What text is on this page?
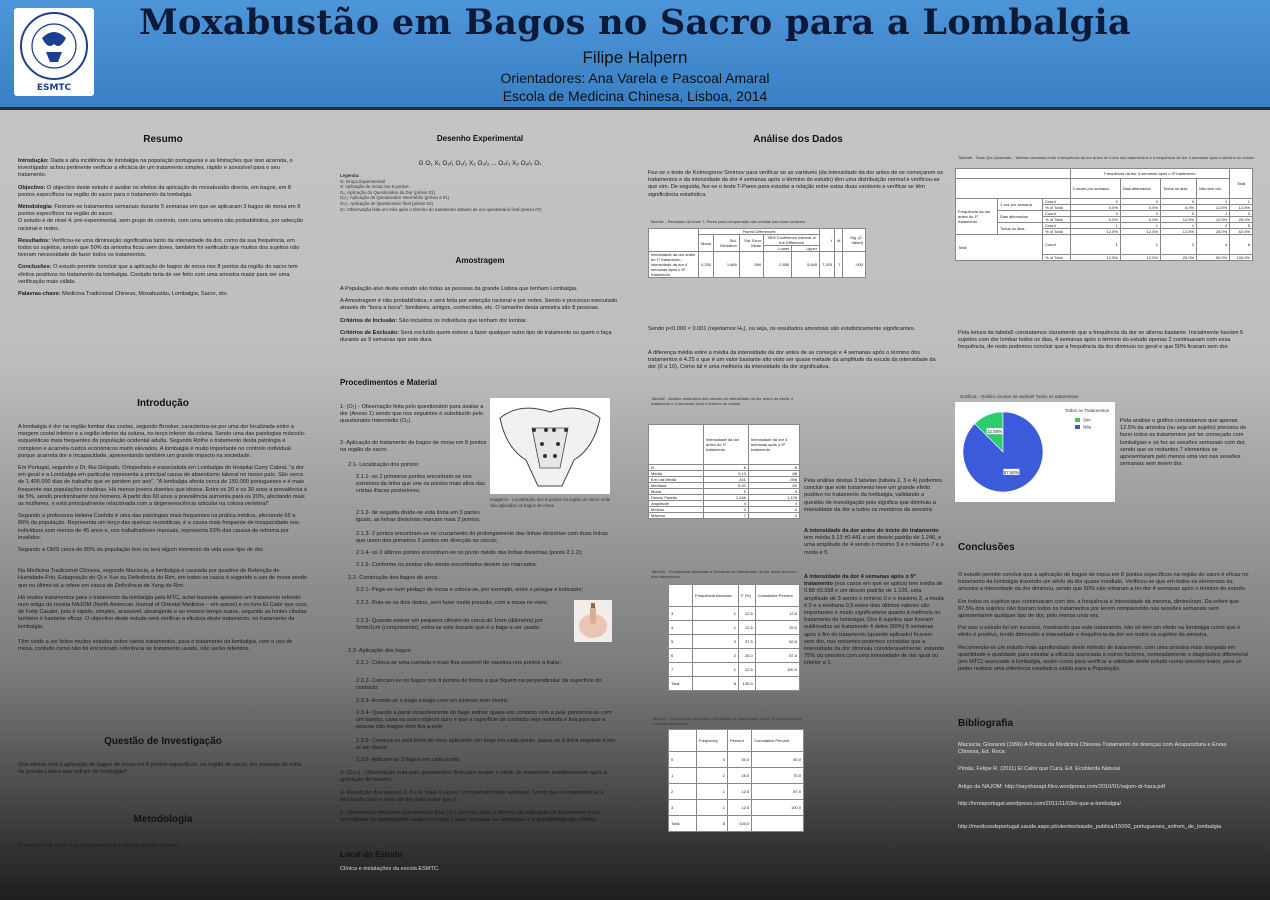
ESMTC
Moxabustão em Bagos no Sacro para a Lombalgia
Filipe Halpern
Orientadores: Ana Varela e Pascoal Amaral
Escola de Medicina Chinesa, Lisboa, 2014
Resumo

Introdução: Dada a alta incidência de lombalgia na população portuguesa e as limitações que isso acarreta, o investigador achou pertinente verificar a eficácia de um tratamento simples, rápido e acessível para o seu tratamento.

Objectivo: O objectivo deste estudo é avaliar os efeitos da aplicação de moxabustão directa, em bagos, em 8 pontos específicos na região do sacro para o tratamento da lombalgia.

Metodologia: Fizeram-se tratamentos semanais durante 5 semanas em que se aplicaram 3 bagos de moxa em 8 pontos específicos na região do sacro.
O estudo é de nível 4, pré-experimental, sem grupo de controlo, com uma amostra não probabilística, por selecção racional e redes.

Resultados: Verificou-se uma diminuição significativa tanto da intensidade da dor, como da sua frequência, em todos os sujeitos, sendo que 50% da amostra ficou sem dores, também foi verificado que muitos dos sujeitos não tiveram necessidade de fazer todos os tratamentos.

Conclusões: O estudo permite concluir que a aplicação de bagos de moxa nos 8 pontos da região do sacro tem efeitos positivos no tratamento da lombalgia. Contudo teria de ser feito com uma amostra maior para ser uma verificação mais válida.

Palavras-chave: Medicina Tradicional Chinesa, Moxabustão, Lombalgia, Sacro, dor.

Introdução

A lombalgia é dor na região lombar das costas, segundo Brooker, caracteriza-se por uma dor localizada entre a margem costal inferior e a região inferior da coluna, no terço inferior da coluna. Sendo uma das patologias músculo-esqueléticas mais frequentes da população ocidental adulta. Segundo Rothe o tratamento desta patologia é complexo e acarreta custos económicos muito elevados. A lombalgia é muito importante no controlo individual porque acarreta dor e incapacidade, apresentando também um grande impacto na sociedade.

Em Portugal, segundo o Dr. Rui Delgado, Ortopedista e especialista em Lombalgia do Hospital Curry Cabral, "a dor em geral e a Lombalgia em particular representa a principal causa de absentismo laboral no nosso país. São cerca de 1.400.000 dias de trabalho que se perdem por ano". "A lombalgia afecta cerca de 150.000 portugueses e é mais frequente nas populações citadinas. Há menos jovens doentes que idosos. Entre os 20 e os 30 anos a prevalência é de 5%, sendo predominante nos homens. A partir dos 60 anos a prevalência aumenta para os 20%, afectando mais as mulheres, e está principalmente relacionada com a degenerescência articular na coluna vertebral".

Segundo a professora Helena Canhão é uma das patologias mais frequentes na prática médica, afectando 65 a 80% da população. Representa um terço das queixas reumáticas, é a causa mais frequente de incapacidade nos indivíduos com menos de 45 anos e, nos trabalhadores manuais, representa 63% das causas de reforma por invalidez.

Segundo a OMS cerca de 80% da população tem ou terá algum momento da vida esse tipo de dor.

Na Medicina Tradicional Chinesa, segundo Maciocia, a lombalgia é causada por quadros de Retenção de Humidade-Frio, Estagnação do Qi e Xue ou Deficiência do Rim, em todos os casos é sugerido o uso de moxa sendo que no último só a refere em casos de Deficiência de Yang do Rim.

Há muitos tratamentos para o tratamento da lombalgia pela MTC, achei bastante apelativo um tratamento referido num artigo da revista NAJOM (North American Journal of Oriental Medicine – em anexo) e no livro El Calor que cura, de Felip Caudet, pois é rápido, simples, acessível, abrangente e ao mesmo tempo suave, segundo as fontes citadas também é bastante eficaz. O objectivo deste estudo será verificar a eficácia deste tratamento, no tratamento da lombalgia.

Têm vindo a ser feitos muitos estudos sobre vários tratamentos, para o tratamento da lombalgia, com o uso de moxa, contudo como não foi encontrado referência ao tratamento usado, não serão referidos.

Questão de Investigação
Que efeitos terá a aplicação de bagos de moxa em 8 pontos específicos, na região do sacro, em pessoas da zona da grande Lisboa que sofram de lombalgia?
Metodologia
O estudo é de nível 4, pré-experimental e sem grupo de controlo.
Desenho Experimental
G O₁ X₁ O₂/₁ O₂/₂ X₂ O₃/₂ ... O₄/₃ X₅ O₆/₅ O₇
Legenda:
G: Grupo Experimental
X: Aplicação de moxa nos 8 pontos
O₁: Aplicação do Questionário da Dor (prévio 01)
O₂/₁: Aplicação de Questionário Intermédio (prévio a 01)
O₂/₂: Aplicação de Questionário final (prévio 02)
O₇: Observação feita um mês após o término do tratamento através de um questionário final (anexo 07)
Amostragem

A População-alvo deste estudo são todas as pessoas da grande Lisboa que tenham Lombalgia.

A Amostragem é não probabilística, e será feita por selecção racional e por redes. Sendo o processo executado através do "boca a boca": familiares, amigos, conhecidos, etc. O tamanho desta amostra são 8 pessoas.

Critérios de Inclusão: São incluídos os indivíduos que tenham dor lombar.

Critérios de Exclusão: Será excluído quem estiver a fazer qualquer outro tipo de tratamento ou quem o faça durante as 9 semanas que este dura.

Procedimentos e Material
Imagem1 - Localização dos 8 pontos na região do sacro onde são aplicados os bagos de moxa
1- (O₁) - Observação feita pelo questionário para avaliar a dor (Anexo 1) sendo que nos seguintes é substituído pelo questionário Intermédio (O₂).
2- Aplicação do tratamento de bagos de moxa em 8 pontos na região do sacro.
2.1- Localização dos pontos:
2.1.1- os 2 primeiros pontos encontram-se nos extremos da linha que une os pontos mais altos das cristas ilíacas posteriores;
2.1.2- de seguida divide-se esta linha em 3 partes iguais, as linhas divisórias marcam mais 2 pontos;
2.1.3- 2 pontos encontram-se no cruzamento do prolongamento das linhas divisórias com duas linhas que unem dos primeiros 2 pontos em direcção ao cóccix;
2.1.4- os 2 últimos pontos encontram-se no ponto médio das linhas divisórias (ponto 2.1.2);
2.1.5- Conforme os pontos vão sendo encontrados devem ser marcados.
2.2- Construção dos bagos de arroz:
2.2.1- Pega-se num pedaço de moxa e coloca-se, por exemplo, entre o polegar e indicador;
2.2.2- Rola-se os dois dedos, sem fazer muita pressão, com a moxa no meio;
2.2.3- Quando estiver um pequeno cilindro de cerca de 1mm (diâmetro) por 5mm/1cm (comprimento), retira-se este bocado que é o bago a ser usado.
2.3- Aplicação dos bagos:
2.3.1- Coloca-se uma camada o mais fina possível de vaselina nos pontos a tratar;
2.3.2- Colocam-se os bagos nos 8 pontos de forma a que fiquem na perpendicular da superfície do contacto;
2.3.3- Acende-se o bago a bago com um incenso sem cheiro;
2.3.4- Quando a parte incandescente do bago estiver quase em contacto com a pele pressiona-se com um bambu, cana ou outro objecto duro e que a superfície de contacto seja redonda e lisa para que a pessoa não magoe nem fira a pele;
2.3.5- Começa-se pela linha de cima aplicando um bago em cada ponto, passa-se à linha seguinte e por aí em diante;
2.3.6- Aplicam-se 3 bagos em cada ponto.
3- (O₂/₁) - Observação feita pelo questionário final para avaliar o efeito do tratamento imediatamente após a aplicação do mesmo.
4- Repetição dos passos 2, 3 e 4, mais 4 vezes, com periodicidade semanal. Sendo que o tratamento só é efectuado caso o nível de dor seja maior que 0.
5- Observação feita pelo questionário final (O₇) um mês após o término da aplicação do tratamento muito semelhante ao questionário usado no ponto 2 para constatar as alterações e a durabilidade dos efeitos.
Local do Estudo
Clínica e instalações da escola ESMTC.
Análise dos Dados
Fez-se o teste de Kolmogorov Smirnov para verificar se as variáveis (da intensidade da dor antes de se começarem os tratamentos e da intensidade da dor 4 semanas após o término do estudo) têm uma distribuição normal e verificou-se que sim. De seguida, fez-se o teste T-Pares para estudar a relação entre estas duas variáveis e verificar se têm significância estatística.
Tabela1 - Resultado do teste T- Pares para comparação das médias das duas variáveis
	Paired Differences					t	df	Sig. (2-tailed)
	Mean	Std. Deviation	Std. Error Mean	95% Confidence Interval of the Difference				
				Lower	Upper			
Intensidade da dor antes do 1º tratamento - intensidade da dor 4 semanas após o 5º tratamento	4,250	1,669	,590	2,855	5,645	7,203	7	,000
Sendo p<0.000 < 0.001 (rejeitamos H₀), ou seja, os resultados amostrais são estatisticamente significantes.
A diferença média entre a média da intensidade da dor antes de se começar e 4 semanas após o término dos tratamentos é 4.25 o que é um valor bastante alto visto ser quase metade da amplitude da escala da intensidade da dor (0 a 10). Como tal é uma melhoria da intensidade da dor significativa.
Tabela2 - Análise estatística dos valores da intensidade da dor antes de iniciar o tratamento e 4 semanas após o término do estudo
	Intensidade da dor antes do 1º tratamento	Intensidade da dor 4 semanas após o 5º tratamento
N	8	8
Média	5,13	,88
Erro da Média	,441	,398
Mediana	5,00	,50
Moda	5	0
Desvio Padrão	1,246	1,126
Amplitude	4	3
Mínimo	3	0
Máximo	7	3
Tabela3 - Frequências Absolutas e Relativas da Intensidade da dor antes do início dos tratamentos
	Frequência Absoluta	F (%)	Cumulative Percent
3	1	12,5	12,5
4	1	12,5	25,0
5	3	37,5	62,5
6	2	25,0	87,5
7	1	12,5	100,0
Total	8	100,0	
Tabela4 - Frequências Absolutas e Relativas da Intensidade da dor 4 semanas após o término do estudo
	Frequency	Percent	Cumulative Percent
0	4	50,0	50,0
1	2	25,0	75,0
2	1	12,5	87,5
3	1	12,5	100,0
Total	8	100,0	
Pela análise destas 3 tabelas (tabela 2, 3 e 4) podemos concluir que este tratamento teve um grande efeito positivo no tratamento da lombalgia, validando a questão de investigação pois significa que diminuiu a intensidade da dor a todos os membros da amostra.
A intensidade da dor antes do início do tratamento tem média 5.13 ±0.441 e um desvio padrão de 1.246, e uma amplitude de 4 sendo o mínimo 3 e o máximo 7 e a moda é 5.
A intensidade da dor 4 semanas após o 5º tratamento (nos casos em que se aplica) tem média de 0.88 ±0.398 e um desvio padrão de 1.126, uma amplitude de 3 sendo o mínimo 0 e o máximo 3, a moda é 0 e a mediana 0,5 estes dois últimos valores são importantes e muito significativos quanto à melhoria no tratamento da lombalgia. Dos 8 sujeitos que fizeram sublimados ao tratamento 4 deles (50%) 5 semanas após o fim do tratamento (quando aplicado) ficaram sem dor, nos restantes podemos constatar que a intensidade da dor diminuiu consideravelmente, estando 75% da amostra com uma intensidade de dor igual ou inferior a 1.
Tabela5 - Teste Qui-Quadrado - Tabelas cruzadas entre a frequência da dor antes do início dos tratamentos e a frequência de dor 4 semanas após o término do estudo
			Frequência da dor 4 semanas após o 5º tratamento				Total
			2 vezes por semana	Dias alternados	Todos os dias	Não tem dor	
Frequência da dor antes do 1º tratamento	1 vez por semana	Count	0	0	0	1	1
		% of Total	0,0%	0,0%	0,0%	12,5%	12,5%
	Dias alternados	Count	0	0	0	1	2
		% of Total	0,0%	0,0%	12,5%	12,5%	25,0%
	Todos os dias	Count	1	1	1	2	5
		% of Total	12,5%	12,5%	12,5%	25,0%	62,5%
Total		Count	1	1	2	4	8
		% of Total	12,5%	12,5%	25,0%	50,0%	100,0%
Pela leitura da tabela5 constatamos claramente que a frequência da dor se alterou bastante. Inicialmente haviam 5 sujeitos com dor lombar todos os dias, 4 semanas após o término do estudo apenas 2 continuavam com essa frequência, de resto podemos concluir que a frequência da dor diminuiu no geral e que 50% ficaram sem dor.
Gráfico1 - Gráfico circular da variável Todos os tratamentos
12.50%
87.50%
Todos os Tratamentos
Sim
Não
Pela análise o gráfico constatamos que apenas 12.5% da amostra (ou seja um sujeito) precisou de fazer todos os tratamentos por ter começado com lombalgias e só fez as sessões semanais com dor, sendo que os restantes 7 elementos se apresentaram pelo menos uma vez nas sessões semanais sem terem dor.
Conclusões

O estudo permite concluir que a aplicação de bagos de moxa em 8 pontos específicos na região do sacro é eficaz no tratamento da lombalgia trazendo um alívio da dor quase imediato. Verificou-se que em todos os elementos da amostra a intensidade da dor diminuiu, sendo que 50% não voltaram a ter dor 4 semanas após o término do estudo.

Em todos os sujeitos que continuaram com dor, a frequência e intensidade da mesma, diminuíram. Da referir que 87.5% dos sujeitos não fizeram todos os tratamentos por terem comparecido nas sessões semanais sem apresentarem qualquer tipo de dor, pelo menos uma vez.

Por isso o estudo foi um sucesso, mostrando que este tratamento, não só tem um efeito na lombalgia como que o efeito é positivo, tendo diminuído a intensidade e frequência da dor em todos os sujeitos da amostra.

Recomenda-se um estudo mais aprofundado deste método de tratamento, com uma amostra mais alargada em quantidade e qualidade para estudar a eficácia associada a outros factores, nomeadamente o diagnóstico diferencial (em MTC) associado à lombalgia, assim como para verificar a validade deste estudo numa amostra maior, para se poder realizar uma inferência estatística válida para a População.

Bibliografia

Maciocia, Giovanni (1996) A Prática da Medicina Chinesa-Tratamento de doenças com Acupunctura e Ervas Chinesa, Ed. Roca

Pinsla, Felipe R. (2011) El Calor que Cura, Ed. Ecoblerda Natural

Artigo da NAJOM: http://sayoharapt.files.wordpress.com/2010/01/najom-dr-hara.pdf

http://hrmsportugal.wordpress.com/2011/11/03/o-que-a-lombalgia/

http://medicosdeportugal.saude.sapo.pt/utentes/saude_publica/15000_portugueses_sofrem_de_lombalgia
